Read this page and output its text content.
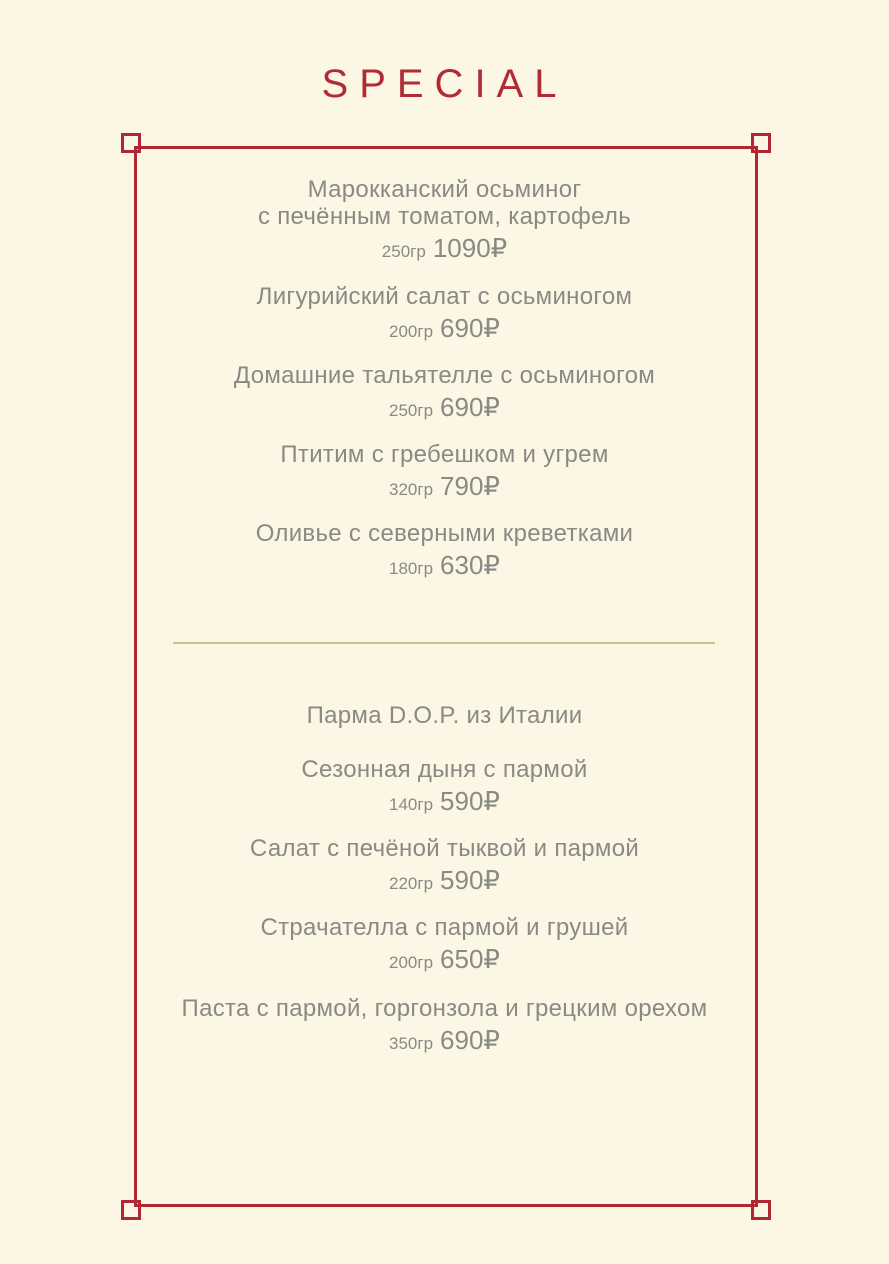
SPECIAL
Марокканский осьминог
с печённым томатом, картофель
250гр 1090₽
Лигурийский салат с осьминогом
200гр 690₽
Домашние тальятелле с осьминогом
250гр 690₽
Птитим с гребешком и угрем
320гр 790₽
Оливье с северными креветками
180гр 630₽
Парма D.O.P. из Италии
Сезонная дыня с пармой
140гр 590₽
Салат с печёной тыквой и пармой
220гр 590₽
Страчателла с пармой и грушей
200гр 650₽
Паста с пармой, горгонзола и грецким орехом
350гр 690₽
